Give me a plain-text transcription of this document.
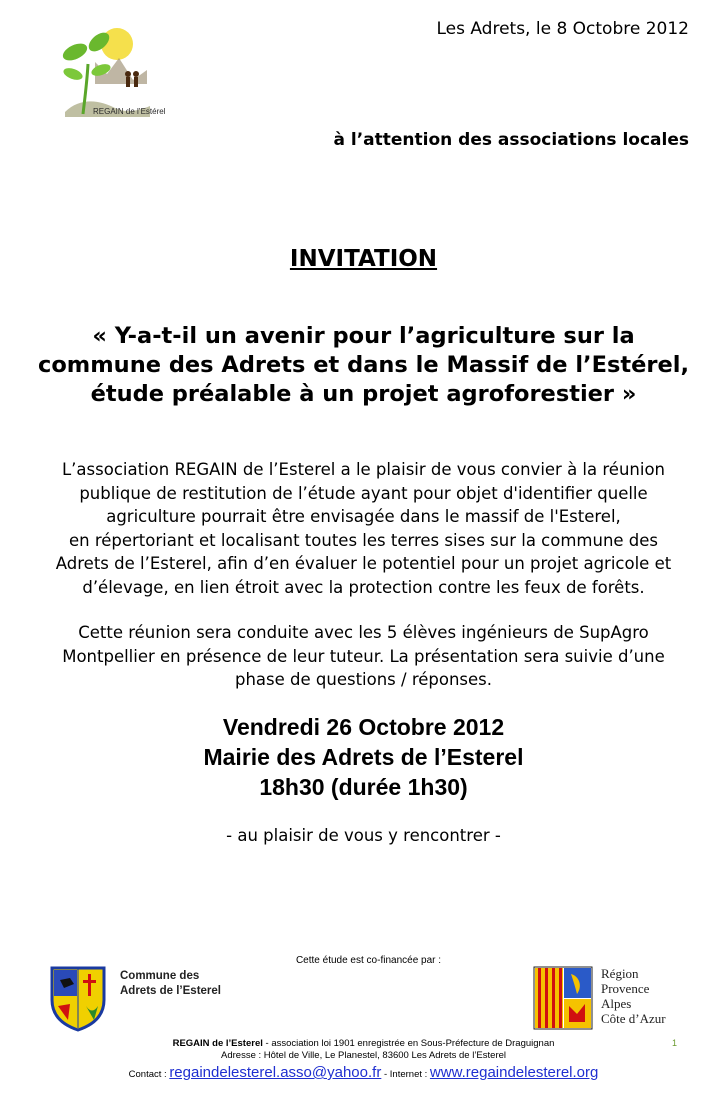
REGAIN de l’Estérel
Les Adrets, le 8 Octobre 2012
à l’attention des associations locales
INVITATION
« Y-a-t-il un avenir pour l’agriculture sur la
commune des Adrets et dans le Massif de l’Estérel,
étude préalable à un projet agroforestier »
L’association REGAIN de l’Esterel a le plaisir de vous convier à la réunion
publique de restitution de l’étude ayant pour objet d'identifier quelle
agriculture pourrait être envisagée dans le massif de l'Esterel,
en répertoriant et localisant toutes les terres sises sur la commune des
Adrets de l’Esterel, afin d’en évaluer le potentiel pour un projet agricole et
d’élevage, en lien étroit avec la protection contre les feux de forêts.
Cette réunion sera conduite avec les 5 élèves ingénieurs de SupAgro
Montpellier en présence de leur tuteur. La présentation sera suivie d’une
phase de questions / réponses.
Vendredi 26 Octobre 2012
Mairie des Adrets de l’Esterel
18h30 (durée 1h30)
- au plaisir de vous y rencontrer -
Cette étude est co-financée par :
Commune des
Adrets de l’Esterel
Région
Provence
Alpes
Côte d’Azur
1
REGAIN de l’Esterel - association loi 1901 enregistrée en Sous-Préfecture de Draguignan
Adresse : Hôtel de Ville, Le Planestel, 83600 Les Adrets de l’Esterel
Contact : regaindelesterel.asso@yahoo.fr - Internet : www.regaindelesterel.org
